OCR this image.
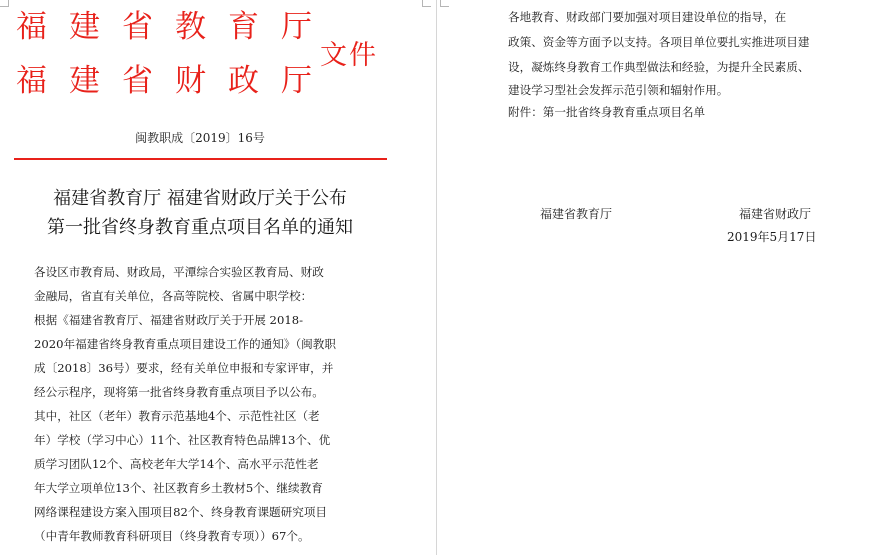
福建省教育厅
福建省财政厅
文件
闽教职成〔2019〕16号
福建省教育厅 福建省财政厅关于公布
第一批省终身教育重点项目名单的通知
各设区市教育局、财政局，平潭综合实验区教育局、财政
金融局，省直有关单位，各高等院校、省属中职学校：
根据《福建省教育厅、福建省财政厅关于开展 2018-
2020年福建省终身教育重点项目建设工作的通知》（闽教职
成〔2018〕36号）要求，经有关单位申报和专家评审，并
经公示程序，现将第一批省终身教育重点项目予以公布。
其中，社区（老年）教育示范基地4个、示范性社区（老
年）学校（学习中心）11个、社区教育特色品牌13个、优
质学习团队12个、高校老年大学14个、高水平示范性老
年大学立项单位13个、社区教育乡土教材5个、继续教育
网络课程建设方案入围项目82个、终身教育课题研究项目
（中青年教师教育科研项目（终身教育专项））67个。
各地教育、财政部门要加强对项目建设单位的指导，在
政策、资金等方面予以支持。各项目单位要扎实推进项目建
设，凝炼终身教育工作典型做法和经验，为提升全民素质、
建设学习型社会发挥示范引领和辐射作用。
附件：第一批省终身教育重点项目名单
福建省教育厅	福建省财政厅
2019年5月17日
